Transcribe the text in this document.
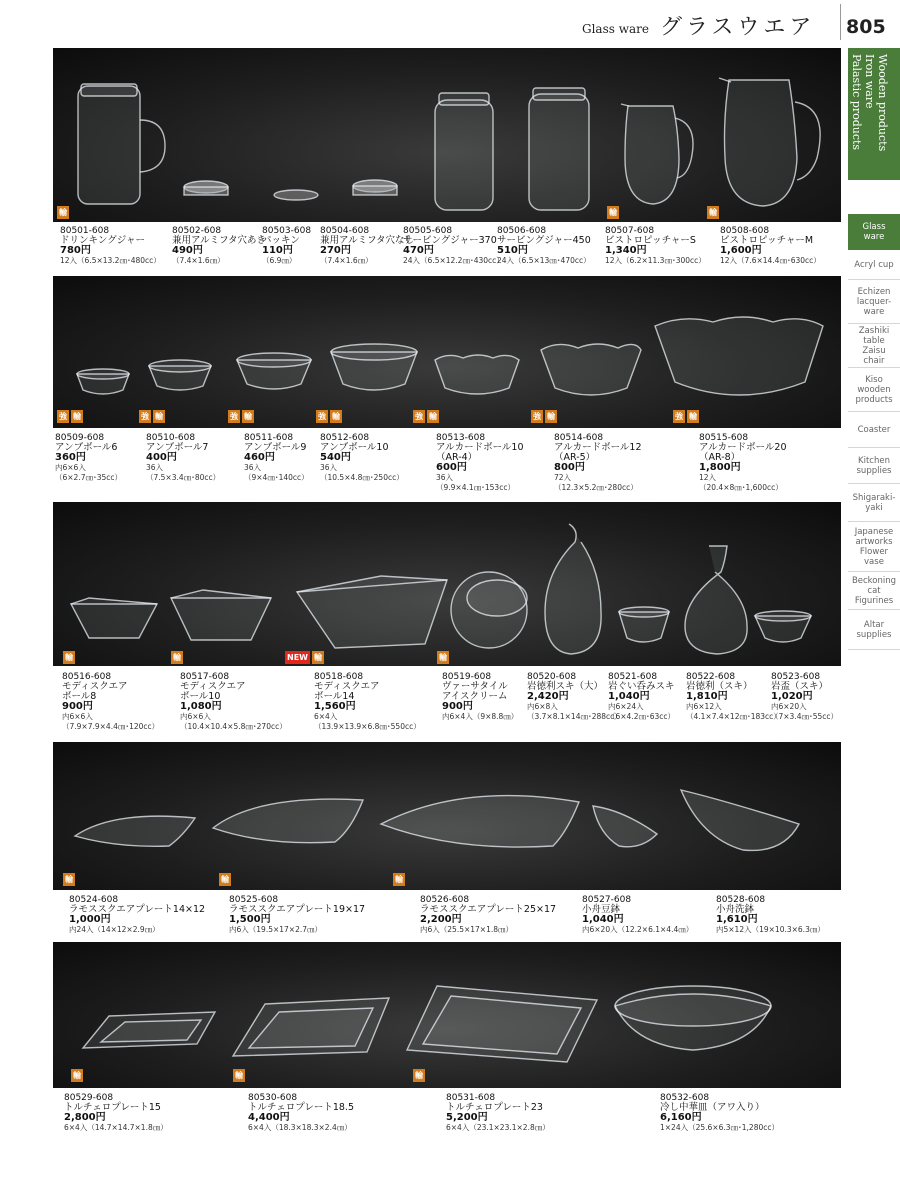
Glass ware グラスウエア 805
Wooden products
Iron ware
Palastic products
Glass
ware
Acryl cup
Echizen
lacquer-
ware
Zashiki
table
Zaisu
chair
Kiso
wooden
products
Coaster
Kitchen
supplies
Shigaraki-
yaki
Japanese
artworks
Flower
vase
Beckoning
cat
Figurines
Altar
supplies
輸	輸	輸
強 輸	強 輸	強 輸	強 輸	強 輸	強 輸	強 輸
輸	輸	NEW 輸	輸
輸	輸	輸
輸	輸	輸
80501-608
ドリンキングジャー
780円
12入（6.5×13.2㎝･480cc）
80502-608
兼用アルミフタ穴あき
490円
（7.4×1.6㎝）
80503-608
パッキン
110円
（6.9㎝）
80504-608
兼用アルミフタ穴なし
270円
（7.4×1.6㎝）
80505-608
サービングジャー370
470円
24入（6.5×12.2㎝･430cc）
80506-608
サービングジャー450
510円
24入（6.5×13㎝･470cc）
80507-608
ビストロピッチャーS
1,340円
12入（6.2×11.3㎝･300cc）
80508-608
ビストロピッチャーM
1,600円
12入（7.6×14.4㎝･630cc）
80509-608
アンブボール6
360円
内6×6入
（6×2.7㎝･35cc）
80510-608
アンブボール7
400円
36入
（7.5×3.4㎝･80cc）
80511-608
アンブボール9
460円
36入
（9×4㎝･140cc）
80512-608
アンブボール10
540円
36入
（10.5×4.8㎝･250cc）
80513-608
アルカードボール10
（AR-4）
600円
36入
（9.9×4.1㎝･153cc）
80514-608
アルカードボール12
（AR-5）
800円
72入
（12.3×5.2㎝･280cc）
80515-608
アルカードボール20
（AR-8）
1,800円
12入
（20.4×8㎝･1,600cc）
80516-608
モディスクエア
ボール8
900円
内6×6入
（7.9×7.9×4.4㎝･120cc）
80517-608
モディスクエア
ボール10
1,080円
内6×6入
（10.4×10.4×5.8㎝･270cc）
80518-608
モディスクエア
ボール14
1,560円
6×4入
（13.9×13.9×6.8㎝･550cc）
80519-608
ヴァーサタイル
アイスクリーム
900円
内6×4入（9×8.8㎝）
80520-608
岩徳利スキ（大）
2,420円
内6×8入
（3.7×8.1×14㎝･288cc）
80521-608
岩ぐい呑みスキ
1,040円
内6×24入
（6×4.2㎝･63cc）
80522-608
岩徳利（スキ）
1,810円
内6×12入
（4.1×7.4×12㎝･183cc）
80523-608
岩盃（スキ）
1,020円
内6×20入
（7×3.4㎝･55cc）
80524-608
ラモススクエアプレート14×12
1,000円
内24入（14×12×2.9㎝）
80525-608
ラモススクエアプレート19×17
1,500円
内6入（19.5×17×2.7㎝）
80526-608
ラモススクエアプレート25×17
2,200円
内6入（25.5×17×1.8㎝）
80527-608
小舟豆鉢
1,040円
内6×20入（12.2×6.1×4.4㎝）
80528-608
小舟洗鉢
1,610円
内5×12入（19×10.3×6.3㎝）
80529-608
トルチェロプレート15
2,800円
6×4入（14.7×14.7×1.8㎝）
80530-608
トルチェロプレート18.5
4,400円
6×4入（18.3×18.3×2.4㎝）
80531-608
トルチェロプレート23
5,200円
6×4入（23.1×23.1×2.8㎝）
80532-608
冷し中華皿（アワ入り）
6,160円
1×24入（25.6×6.3㎝･1,280cc）
